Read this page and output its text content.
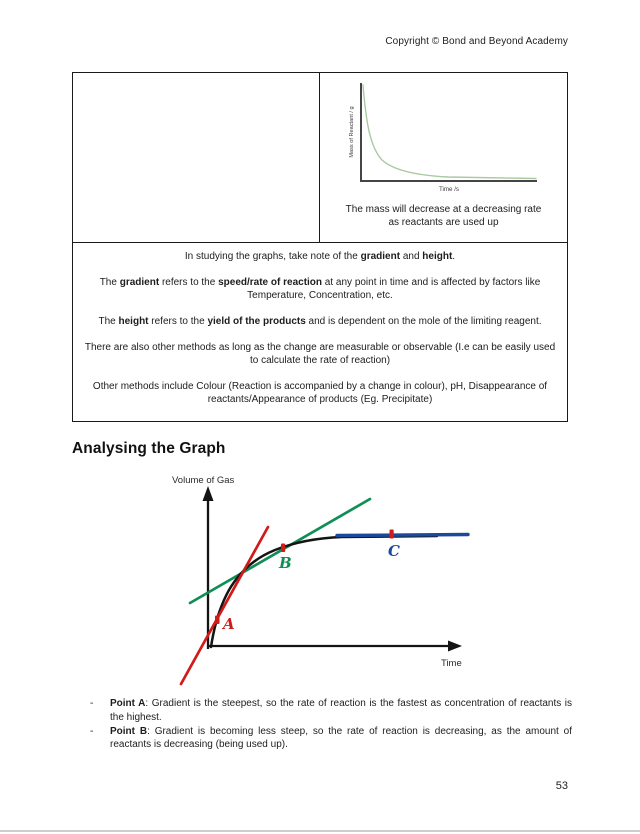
Copyright © Bond and Beyond Academy
Mass of Reactant / g
Time /s
The mass will decrease at a decreasing rate
as reactants are used up

In studying the graphs, take note of the gradient and height.

The gradient refers to the speed/rate of reaction at any point in time and is affected by factors like Temperature, Concentration, etc.

The height refers to the yield of the products and is dependent on the mole of the limiting reagent.

There are also other methods as long as the change are measurable or observable (I.e can be easily used to calculate the rate of reaction)

Other methods include Colour (Reaction is accompanied by a change in colour), pH, Disappearance of reactants/Appearance of products (Eg. Precipitate)

Analysing the Graph
Volume of Gas
Time
A
B
C
-	Point A: Gradient is the steepest, so the rate of reaction is the fastest as concentration of reactants is the highest.
-	Point B: Gradient is becoming less steep, so the rate of reaction is decreasing, as the amount of reactants is decreasing (being used up).
53
